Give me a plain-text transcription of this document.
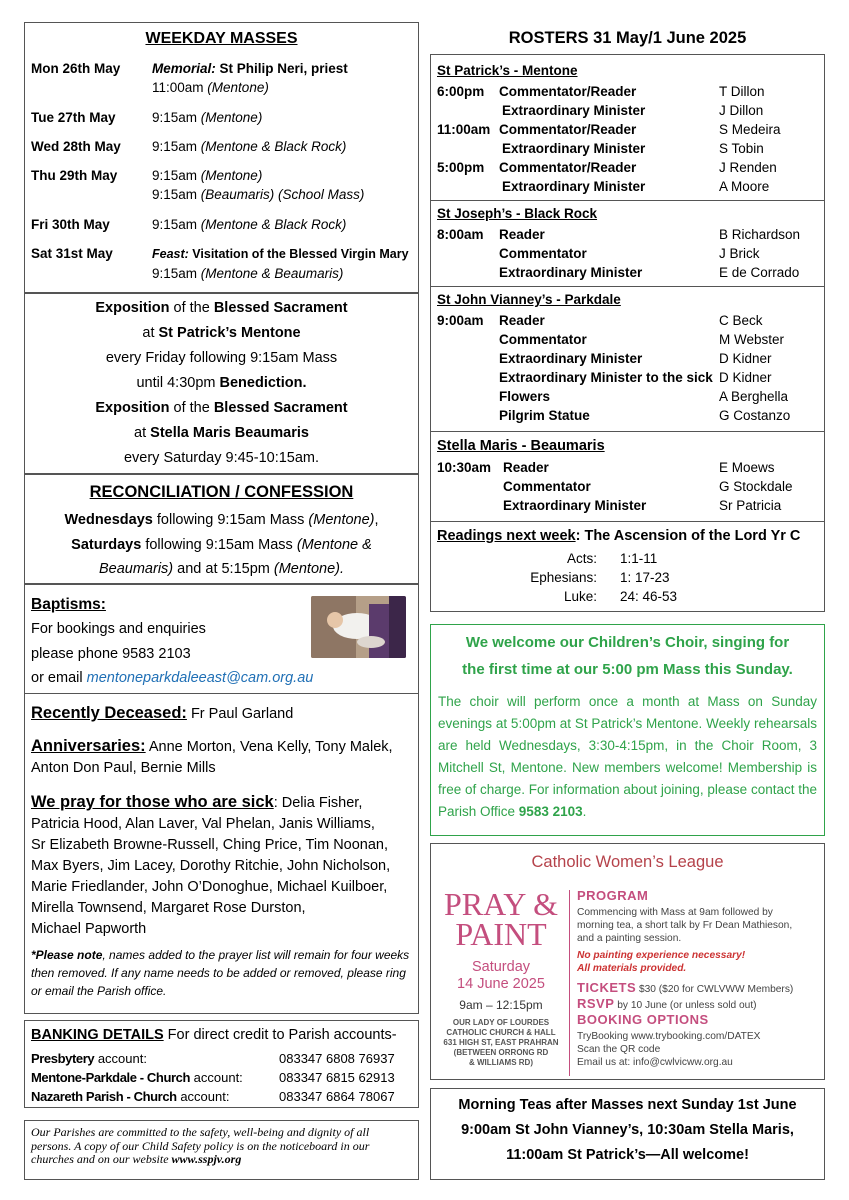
WEEKDAY MASSES
Mon 26th May Memorial: St Philip Neri, priest
11:00am (Mentone)
Tue 27th May	9:15am (Mentone)
Wed 28th May 9:15am (Mentone & Black Rock)
Thu 29th May	9:15am (Mentone)
9:15am (Beaumaris) (School Mass)
Fri 30th May	9:15am (Mentone & Black Rock)
Sat 31st May	Feast: Visitation of the Blessed Virgin Mary
9:15am (Mentone & Beaumaris)
Exposition of the Blessed Sacrament
at St Patrick’s Mentone
every Friday following 9:15am Mass
until 4:30pm Benediction.
Exposition of the Blessed Sacrament
at Stella Maris Beaumaris
every Saturday 9:45-10:15am.
RECONCILIATION / CONFESSION
Wednesdays following 9:15am Mass (Mentone),
Saturdays following 9:15am Mass (Mentone &
Beaumaris) and at 5:15pm (Mentone).
Baptisms:
For bookings and enquiries
please phone 9583 2103
or email mentoneparkdaleeast@cam.org.au
Recently Deceased: Fr Paul Garland
Anniversaries: Anne Morton, Vena Kelly, Tony Malek,
Anton Don Paul, Bernie Mills
We pray for those who are sick: Delia Fisher,
Patricia Hood, Alan Laver, Val Phelan, Janis Williams,
Sr Elizabeth Browne-Russell, Ching Price, Tim Noonan,
Max Byers, Jim Lacey, Dorothy Ritchie, John Nicholson,
Marie Friedlander, John O’Donoghue, Michael Kuilboer,
Mirella Townsend, Margaret Rose Durston,
Michael Papworth
*Please note, names added to the prayer list will remain for four weeks then removed. If any name needs to be added or removed, please ring or email the Parish office.
BANKING DETAILS For direct credit to Parish accounts-
Presbytery account:	083347 6808 76937
Mentone-Parkdale - Church account:	083347 6815 62913
Nazareth Parish - Church account:	083347 6864 78067
Our Parishes are committed to the safety, well-being and dignity of all persons. A copy of our Child Safety policy is on the noticeboard in our churches and on our website www.sspjv.org
ROSTERS 31 May/1 June 2025
St Patrick’s - Mentone
6:00pm Commentator/Reader	T Dillon
Extraordinary Minister	J Dillon
11:00am Commentator/Reader	S Medeira
Extraordinary Minister	S Tobin
5:00pm Commentator/Reader	J Renden
Extraordinary Minister	A Moore
St Joseph’s - Black Rock
8:00am Reader	B Richardson
Commentator	J Brick
Extraordinary Minister	E de Corrado
St John Vianney’s - Parkdale
9:00am Reader	C Beck
Commentator	M Webster
Extraordinary Minister	D Kidner
Extraordinary Minister to the sick D Kidner
Flowers	A Berghella
Pilgrim Statue	G Costanzo
Stella Maris - Beaumaris
10:30am Reader	E Moews
Commentator	G Stockdale
Extraordinary Minister	Sr Patricia
Readings next week: The Ascension of the Lord Yr C
Acts: 1:1-11
Ephesians: 1: 17-23
Luke: 24: 46-53
We welcome our Children’s Choir, singing for
the first time at our 5:00 pm Mass this Sunday.
The choir will perform once a month at Mass on Sunday evenings at 5:00pm at St Patrick’s Mentone. Weekly rehearsals are held Wednesdays, 3:30-4:15pm, in the Choir Room, 3 Mitchell St, Mentone. New members welcome! Membership is free of charge. For information about joining, please contact the Parish Office 9583 2103.
Catholic Women’s League
PRAY &
PAINT
Saturday
14 June 2025
9am – 12:15pm
OUR LADY OF LOURDES
CATHOLIC CHURCH & HALL
631 HIGH ST, EAST PRAHRAN
(BETWEEN ORRONG RD
& WILLIAMS RD)
PROGRAM
Commencing with Mass at 9am followed by
morning tea, a short talk by Fr Dean Mathieson,
and a painting session.
No painting experience necessary!
All materials provided.
TICKETS $30 ($20 for CWLVWW Members)
RSVP by 10 June (or unless sold out)
BOOKING OPTIONS
TryBooking www.trybooking.com/DATEX
Scan the QR code
Email us at: info@cwlvicww.org.au
Morning Teas after Masses next Sunday 1st June
9:00am St John Vianney’s, 10:30am Stella Maris,
11:00am St Patrick’s—All welcome!
